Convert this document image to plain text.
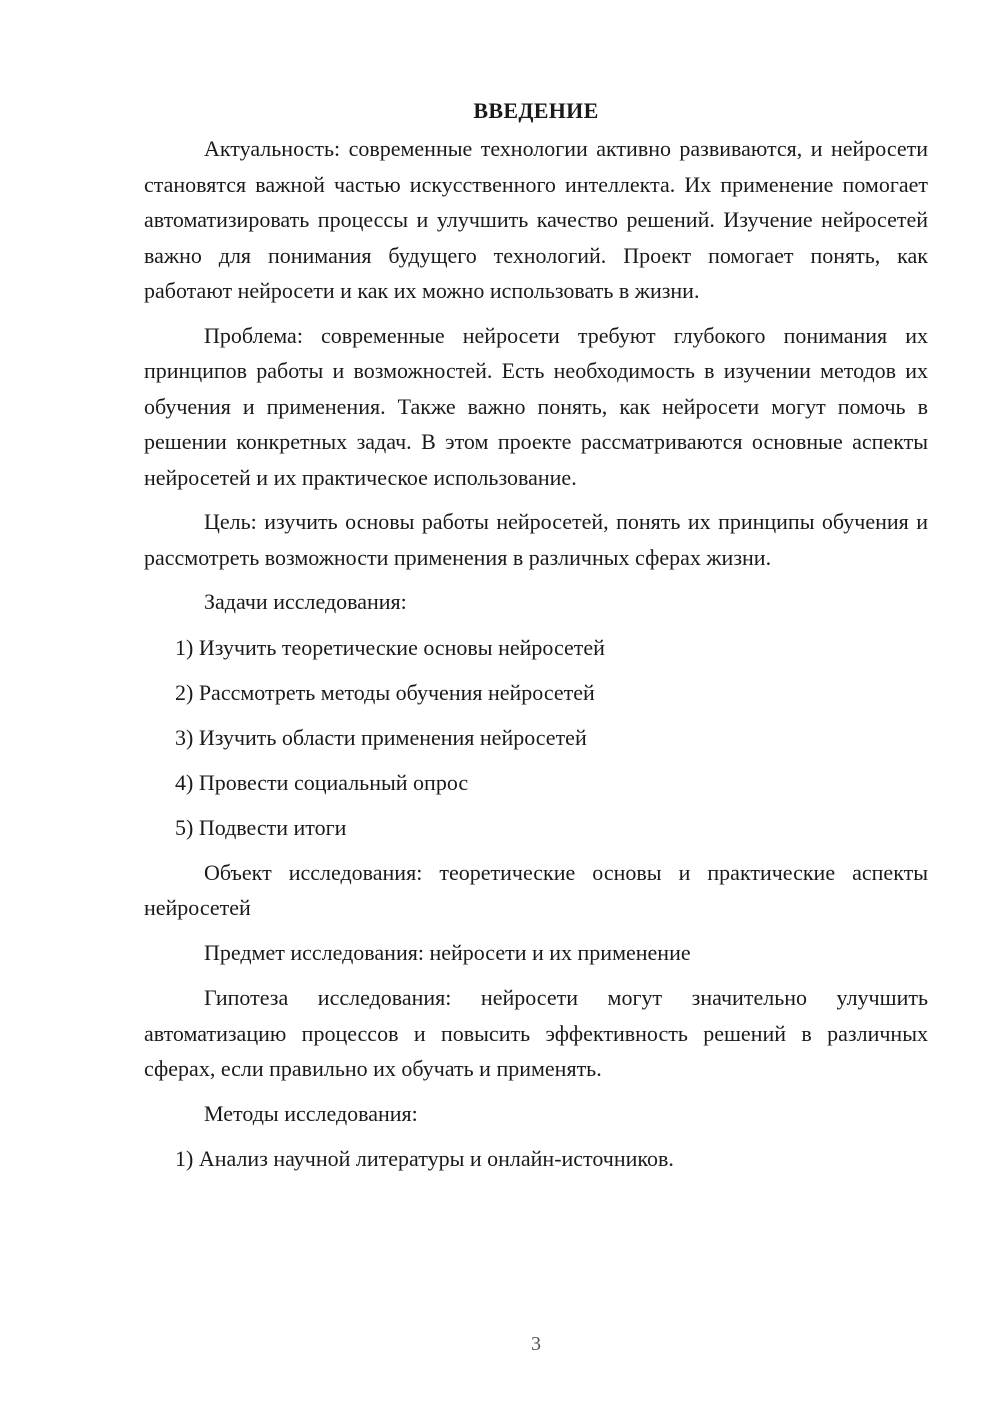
ВВЕДЕНИЕ

Актуальность: современные технологии активно развиваются, и нейросети становятся важной частью искусственного интеллекта. Их применение помогает автоматизировать процессы и улучшить качество решений. Изучение нейросетей важно для понимания будущего технологий. Проект помогает понять, как работают нейросети и как их можно использовать в жизни.

Проблема: современные нейросети требуют глубокого понимания их принципов работы и возможностей. Есть необходимость в изучении методов их обучения и применения. Также важно понять, как нейросети могут помочь в решении конкретных задач. В этом проекте рассматриваются основные аспекты нейросетей и их практическое использование.

Цель: изучить основы работы нейросетей, понять их принципы обучения и рассмотреть возможности применения в различных сферах жизни.

Задачи исследования:

1) Изучить теоретические основы нейросетей
2) Рассмотреть методы обучения нейросетей
3) Изучить области применения нейросетей
4) Провести социальный опрос
5) Подвести итоги

Объект исследования: теоретические основы и практические аспекты нейросетей

Предмет исследования: нейросети и их применение

Гипотеза исследования: нейросети могут значительно улучшить автоматизацию процессов и повысить эффективность решений в различных сферах, если правильно их обучать и применять.

Методы исследования:

1) Анализ научной литературы и онлайн-источников.
3
